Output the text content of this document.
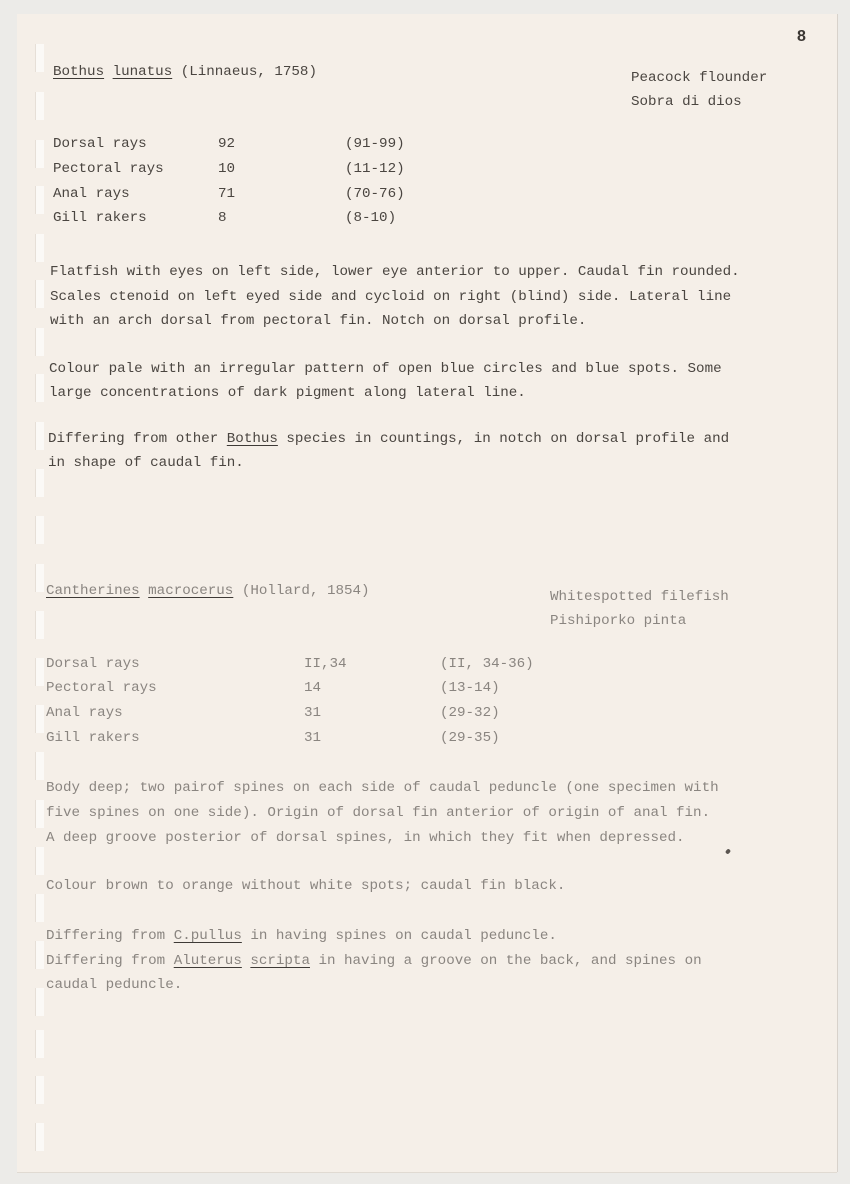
8
Bothus lunatus (Linnaeus, 1758)	Peacock flounder
Sobra di dios
Dorsal rays	92	(91-99)
Pectoral rays	10	(11-12)
Anal rays	71	(70-76)
Gill rakers	8	(8-10)
Flatfish with eyes on left side, lower eye anterior to upper. Caudal fin rounded.
Scales ctenoid on left eyed side and cycloid on right (blind) side. Lateral line
with an arch dorsal from pectoral fin. Notch on dorsal profile.
Colour pale with an irregular pattern of open blue circles and blue spots. Some
large concentrations of dark pigment along lateral line.
Differing from other Bothus species in countings, in notch on dorsal profile and
in shape of caudal fin.
Cantherines macrocerus (Hollard, 1854)	Whitespotted filefish
Pishiporko pinta
Dorsal rays	II,34	(II, 34-36)
Pectoral rays	14	(13-14)
Anal rays	31	(29-32)
Gill rakers	31	(29-35)
Body deep; two pairof spines on each side of caudal peduncle (one specimen with
five spines on one side). Origin of dorsal fin anterior of origin of anal fin.
A deep groove posterior of dorsal spines, in which they fit when depressed.
Colour brown to orange without white spots; caudal fin black.
Differing from C.pullus in having spines on caudal peduncle.
Differing from Aluterus scripta in having a groove on the back, and spines on
caudal peduncle.
